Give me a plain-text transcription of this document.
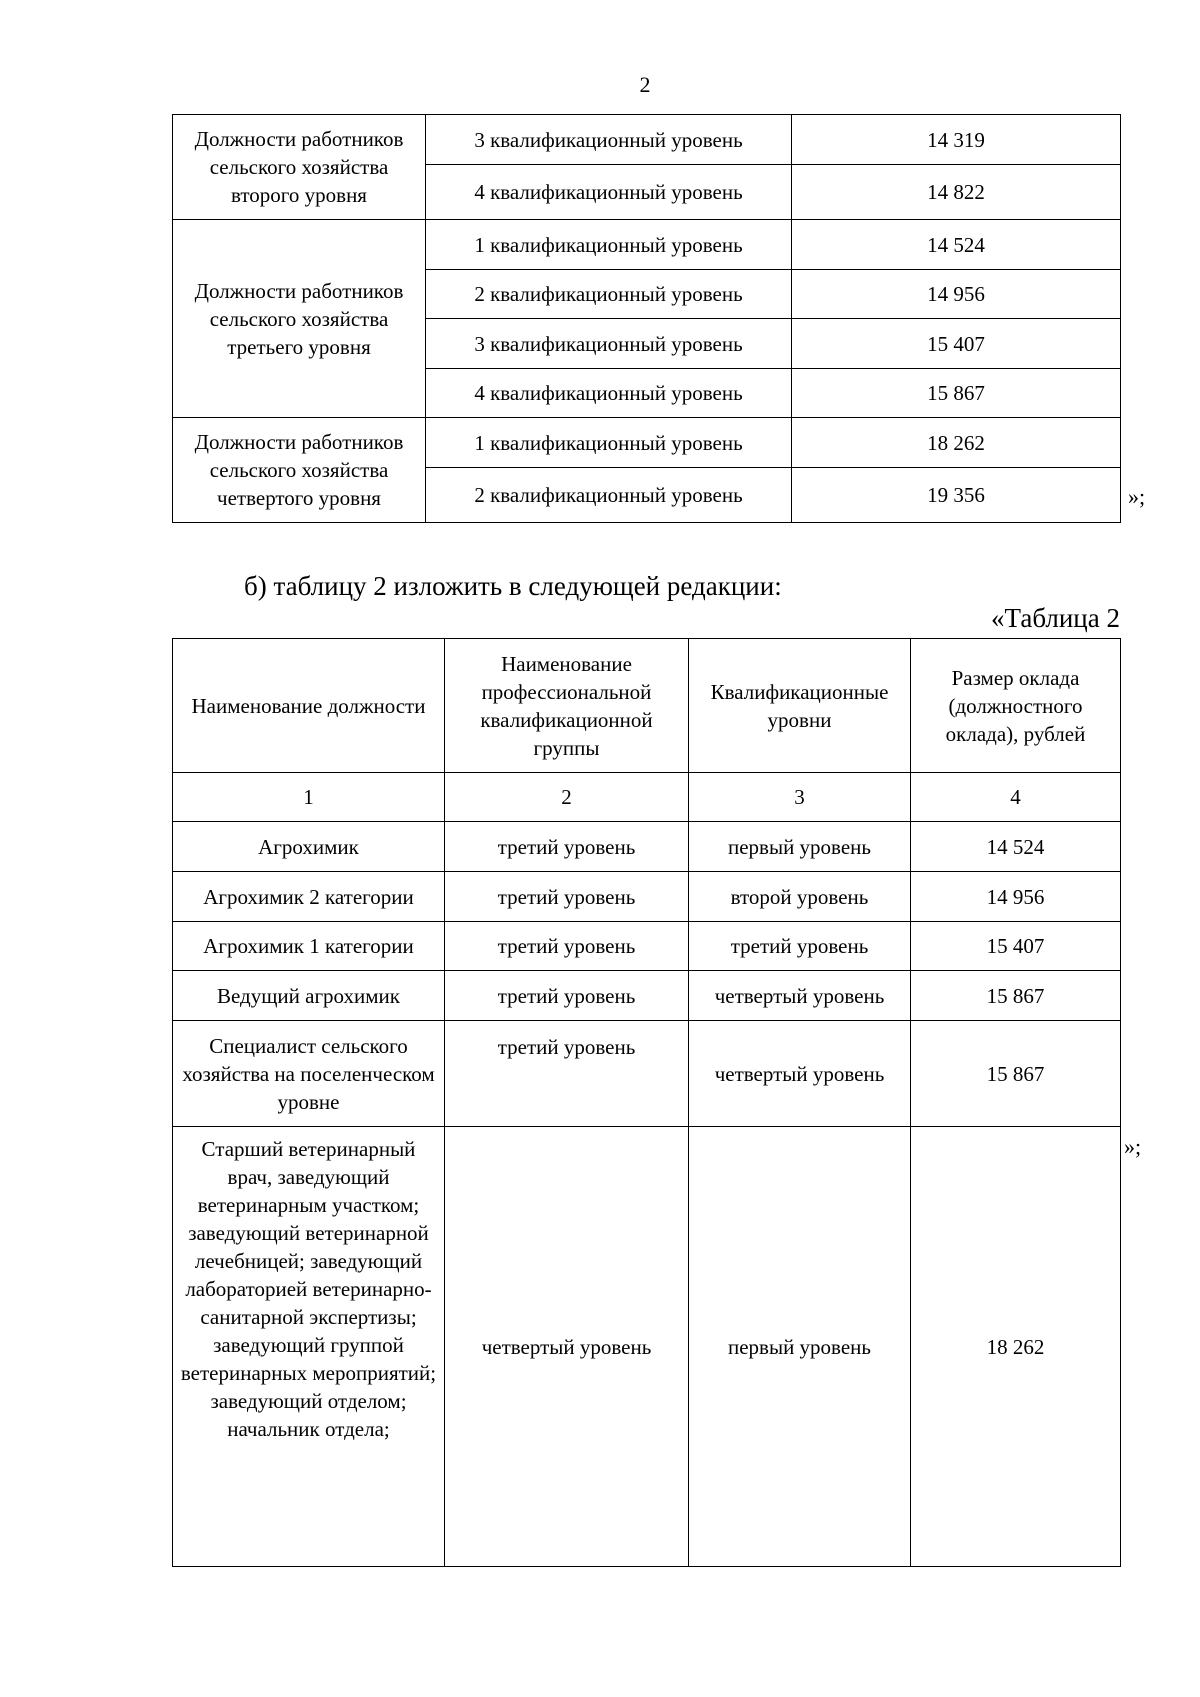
2
Должности работников сельского хозяйства второго уровня	3 квалификационный уровень	14 319
	4 квалификационный уровень	14 822
Должности работников сельского хозяйства третьего уровня	1 квалификационный уровень	14 524
	2 квалификационный уровень	14 956
	3 квалификационный уровень	15 407
	4 квалификационный уровень	15 867
Должности работников сельского хозяйства четвертого уровня	1 квалификационный уровень	18 262
	2 квалификационный уровень	19 356	»;
б) таблицу 2 изложить в следующей редакции:
«Таблица 2
Наименование должности	Наименование профессиональной квалификационной группы	Квалификационные уровни	Размер оклада (должностного оклада), рублей
1	2	3	4
Агрохимик	третий уровень	первый уровень	14 524
Агрохимик 2 категории	третий уровень	второй уровень	14 956
Агрохимик 1 категории	третий уровень	третий уровень	15 407
Ведущий агрохимик	третий уровень	четвертый уровень	15 867
Специалист сельского хозяйства на поселенческом уровне	третий уровень	четвертый уровень	15 867
Старший ветеринарный врач, заведующий ветеринарным участком; заведующий ветеринарной лечебницей; заведующий лабораторией ветеринарно-санитарной экспертизы; заведующий группой ветеринарных мероприятий; заведующий отделом; начальник отдела;	четвертый уровень	первый уровень	18 262
»;
